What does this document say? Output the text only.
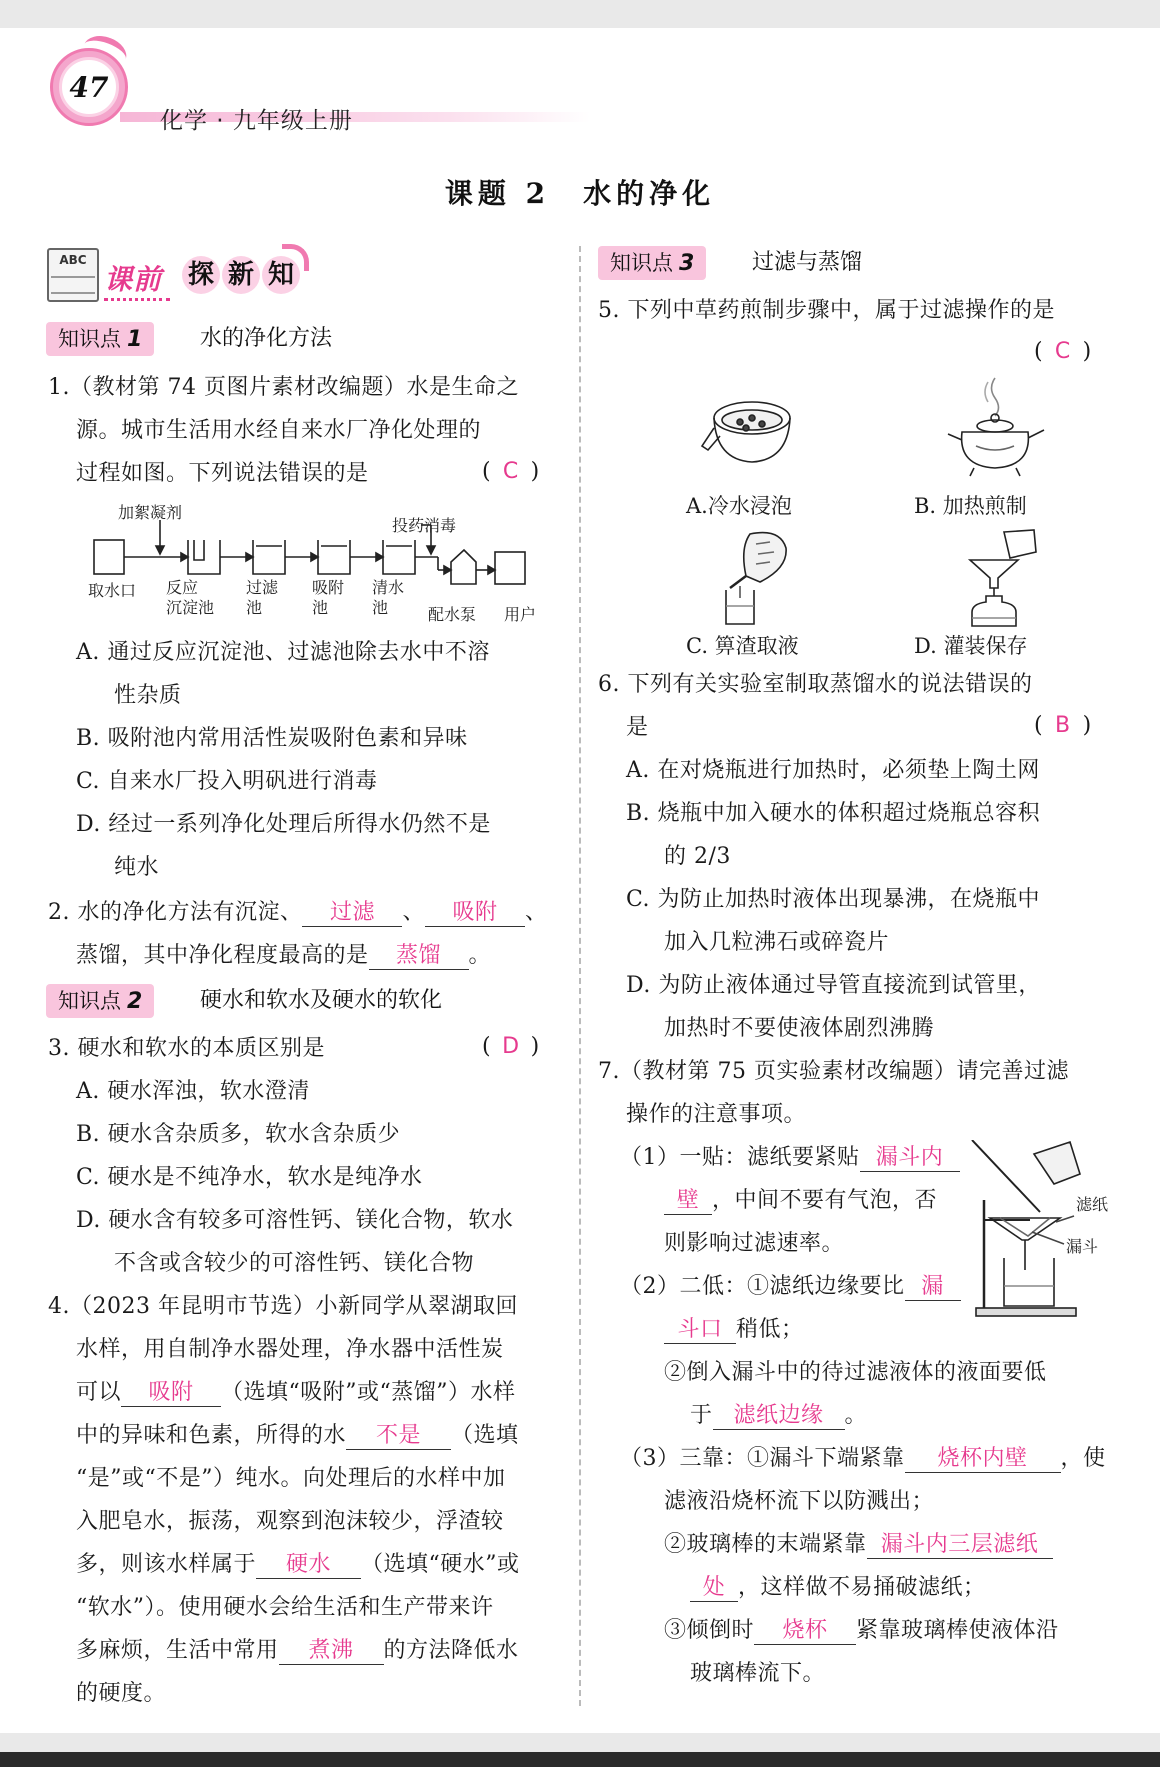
47
化学 · 九年级上册
课题 2　水的净化
ABC
课前 探 新 知
知识点 1	水的净化方法
1.（教材第 74 页图片素材改编题）水是生命之
源。城市生活用水经自来水厂净化处理的
过程如图。下列说法错误的是	( C )
加絮凝剂
投药消毒
取水口 反应
沉淀池
过滤
池
吸附
池
清水
池	配水泵 用户
A. 通过反应沉淀池、过滤池除去水中不溶
性杂质
B. 吸附池内常用活性炭吸附色素和异味
C. 自来水厂投入明矾进行消毒
D. 经过一系列净化处理后所得水仍然不是
纯水
2. 水的净化方法有沉淀、 过滤 、 吸附 、
蒸馏，其中净化程度最高的是 蒸馏 。
知识点 2	硬水和软水及硬水的软化
3. 硬水和软水的本质区别是	( D )
A. 硬水浑浊，软水澄清
B. 硬水含杂质多，软水含杂质少
C. 硬水是不纯净水，软水是纯净水
D. 硬水含有较多可溶性钙、镁化合物，软水
不含或含较少的可溶性钙、镁化合物
4.（2023 年昆明市节选）小新同学从翠湖取回
水样，用自制净水器处理，净水器中活性炭
可以 吸附 （选填“吸附”或“蒸馏”）水样
中的异味和色素，所得的水 不是 （选填
“是”或“不是”）纯水。向处理后的水样中加
入肥皂水，振荡，观察到泡沫较少，浮渣较
多，则该水样属于 硬水 （选填“硬水”或
“软水”）。使用硬水会给生活和生产带来许
多麻烦，生活中常用 煮沸 的方法降低水
的硬度。
知识点 3	过滤与蒸馏
5. 下列中草药煎制步骤中，属于过滤操作的是
( C )
A.冷水浸泡	B. 加热煎制
C. 箅渣取液	D. 灌装保存
6. 下列有关实验室制取蒸馏水的说法错误的
是	( B )
A. 在对烧瓶进行加热时，必须垫上陶土网
B. 烧瓶中加入硬水的体积超过烧瓶总容积
的 2/3
C. 为防止加热时液体出现暴沸，在烧瓶中
加入几粒沸石或碎瓷片
D. 为防止液体通过导管直接流到试管里，
加热时不要使液体剧烈沸腾
7.（教材第 75 页实验素材改编题）请完善过滤
操作的注意事项。
（1）一贴：滤纸要紧贴 漏斗内
壁 ，中间不要有气泡，否
则影响过滤速率。
（2）二低：①滤纸边缘要比 漏
斗口 稍低；
②倒入漏斗中的待过滤液体的液面要低
于 滤纸边缘 。
（3）三靠：①漏斗下端紧靠 烧杯内壁 ，使
滤液沿烧杯流下以防溅出；
②玻璃棒的末端紧靠 漏斗内三层滤纸
处 ，这样做不易捅破滤纸；
③倾倒时 烧杯 紧靠玻璃棒使液体沿
玻璃棒流下。
滤纸
漏斗
